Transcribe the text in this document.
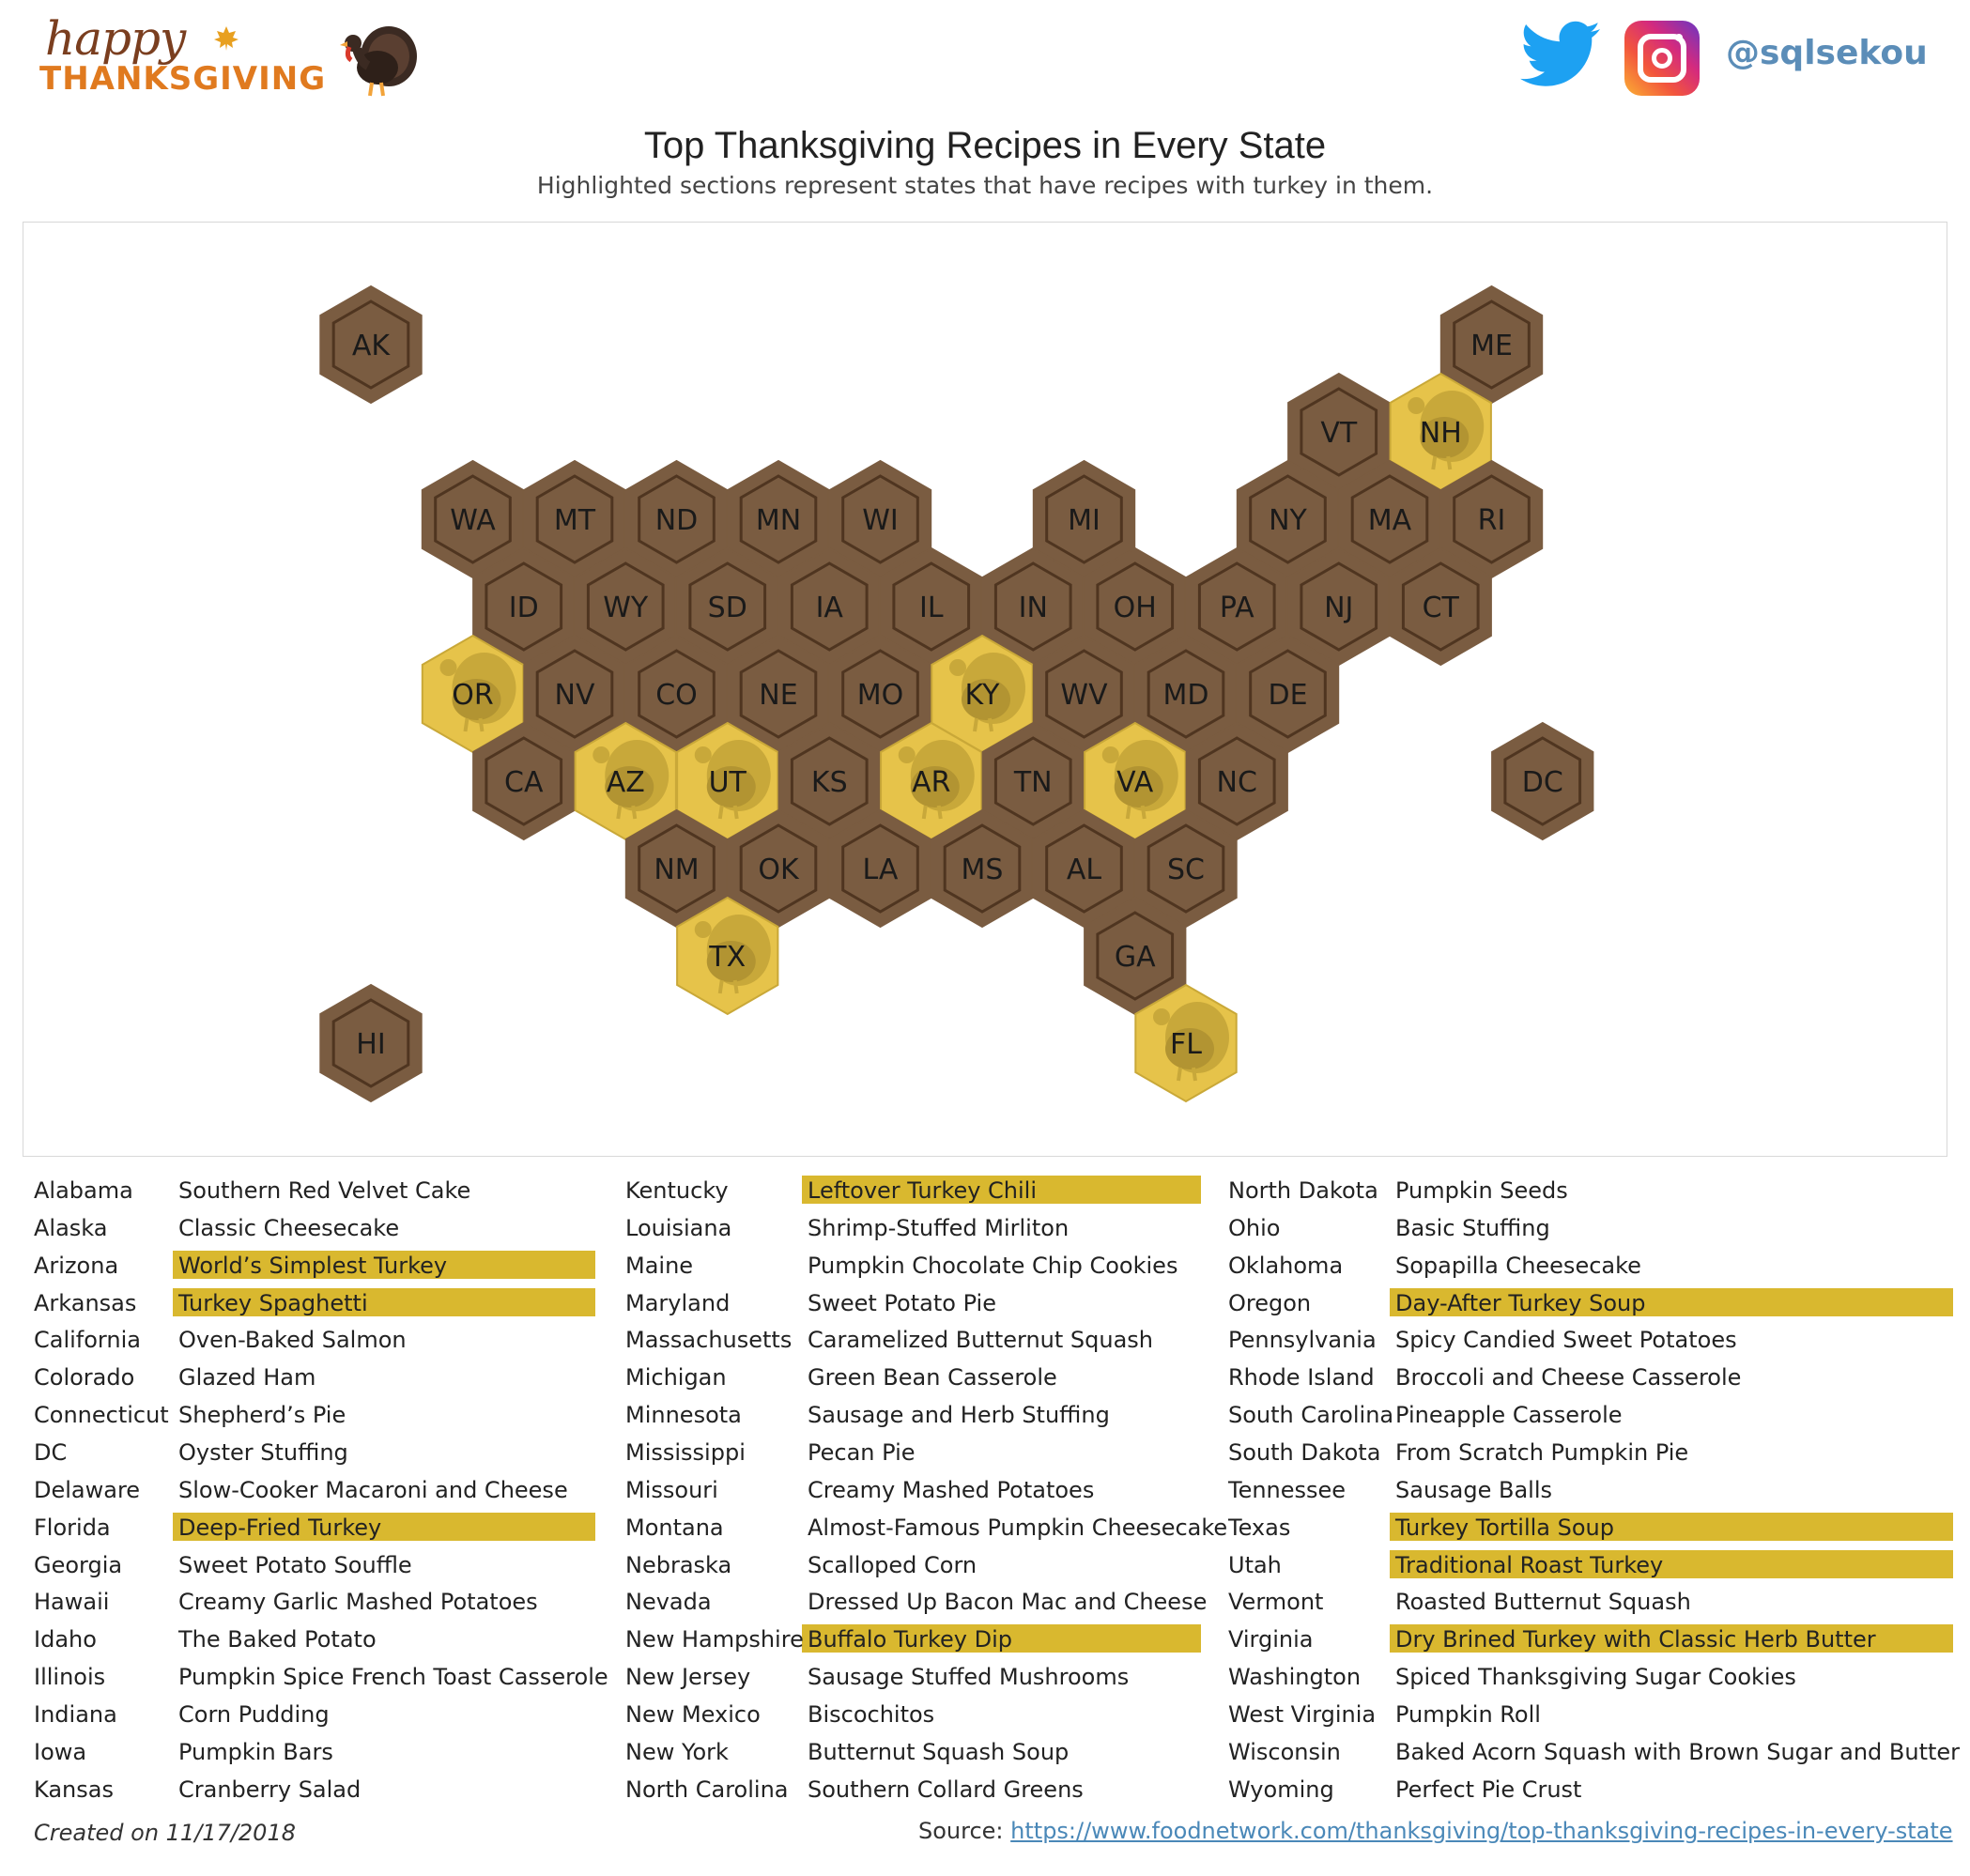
happy
THANKSGIVING
@sqlsekou
Top Thanksgiving Recipes in Every State
Highlighted sections represent states that have recipes with turkey in them.
AK	ME
VT NH
WA MT ND MN WI	MI	NY MA RI
ID WY SD IA	IL	IN OH PA NJ CT
OR NV CO NE MO KY WV MD DE
CA AZ UT KS AR TN VA NC	DC
NM OK LA MS AL SC
TX	GA
HI	FL
Alabama Southern Red Velvet Cake
Alaska	Classic Cheesecake
Arizona	World’s Simplest Turkey
Arkansas Turkey Spaghetti
California Oven-Baked Salmon
Colorado Glazed Ham
Connecticut Shepherd’s Pie
DC	Oyster Stuffing
Delaware Slow-Cooker Macaroni and Cheese
Florida	Deep-Fried Turkey
Georgia Sweet Potato Souffle
Hawaii	Creamy Garlic Mashed Potatoes
Idaho	The Baked Potato
Illinois	Pumpkin Spice French Toast Casserole
Indiana	Corn Pudding
Iowa	Pumpkin Bars
Kansas	Cranberry Salad
Kentucky	Leftover Turkey Chili
Louisiana	Shrimp-Stuffed Mirliton
Maine	Pumpkin Chocolate Chip Cookies
Maryland	Sweet Potato Pie
Massachusetts Caramelized Butternut Squash
Michigan	Green Bean Casserole
Minnesota	Sausage and Herb Stuffing
Mississippi	Pecan Pie
Missouri	Creamy Mashed Potatoes
Montana	Almost-Famous Pumpkin Cheesecake
Nebraska	Scalloped Corn
Nevada	Dressed Up Bacon Mac and Cheese
New Hampshire Buffalo Turkey Dip
New Jersey	Sausage Stuffed Mushrooms
New Mexico Biscochitos
New York	Butternut Squash Soup
North Carolina Southern Collard Greens
North Dakota Pumpkin Seeds
Ohio	Basic Stuffing
Oklahoma Sopapilla Cheesecake
Oregon	Day-After Turkey Soup
Pennsylvania Spicy Candied Sweet Potatoes
Rhode Island Broccoli and Cheese Casserole
South Carolina Pineapple Casserole
South Dakota From Scratch Pumpkin Pie
Tennessee Sausage Balls
Texas	Turkey Tortilla Soup
Utah	Traditional Roast Turkey
Vermont	Roasted Butternut Squash
Virginia	Dry Brined Turkey with Classic Herb Butter
Washington Spiced Thanksgiving Sugar Cookies
West Virginia Pumpkin Roll
Wisconsin Baked Acorn Squash with Brown Sugar and Butter
Wyoming	Perfect Pie Crust
Created on 11/17/2018	Source: https://www.foodnetwork.com/thanksgiving/top-thanksgiving-recipes-in-every-state
